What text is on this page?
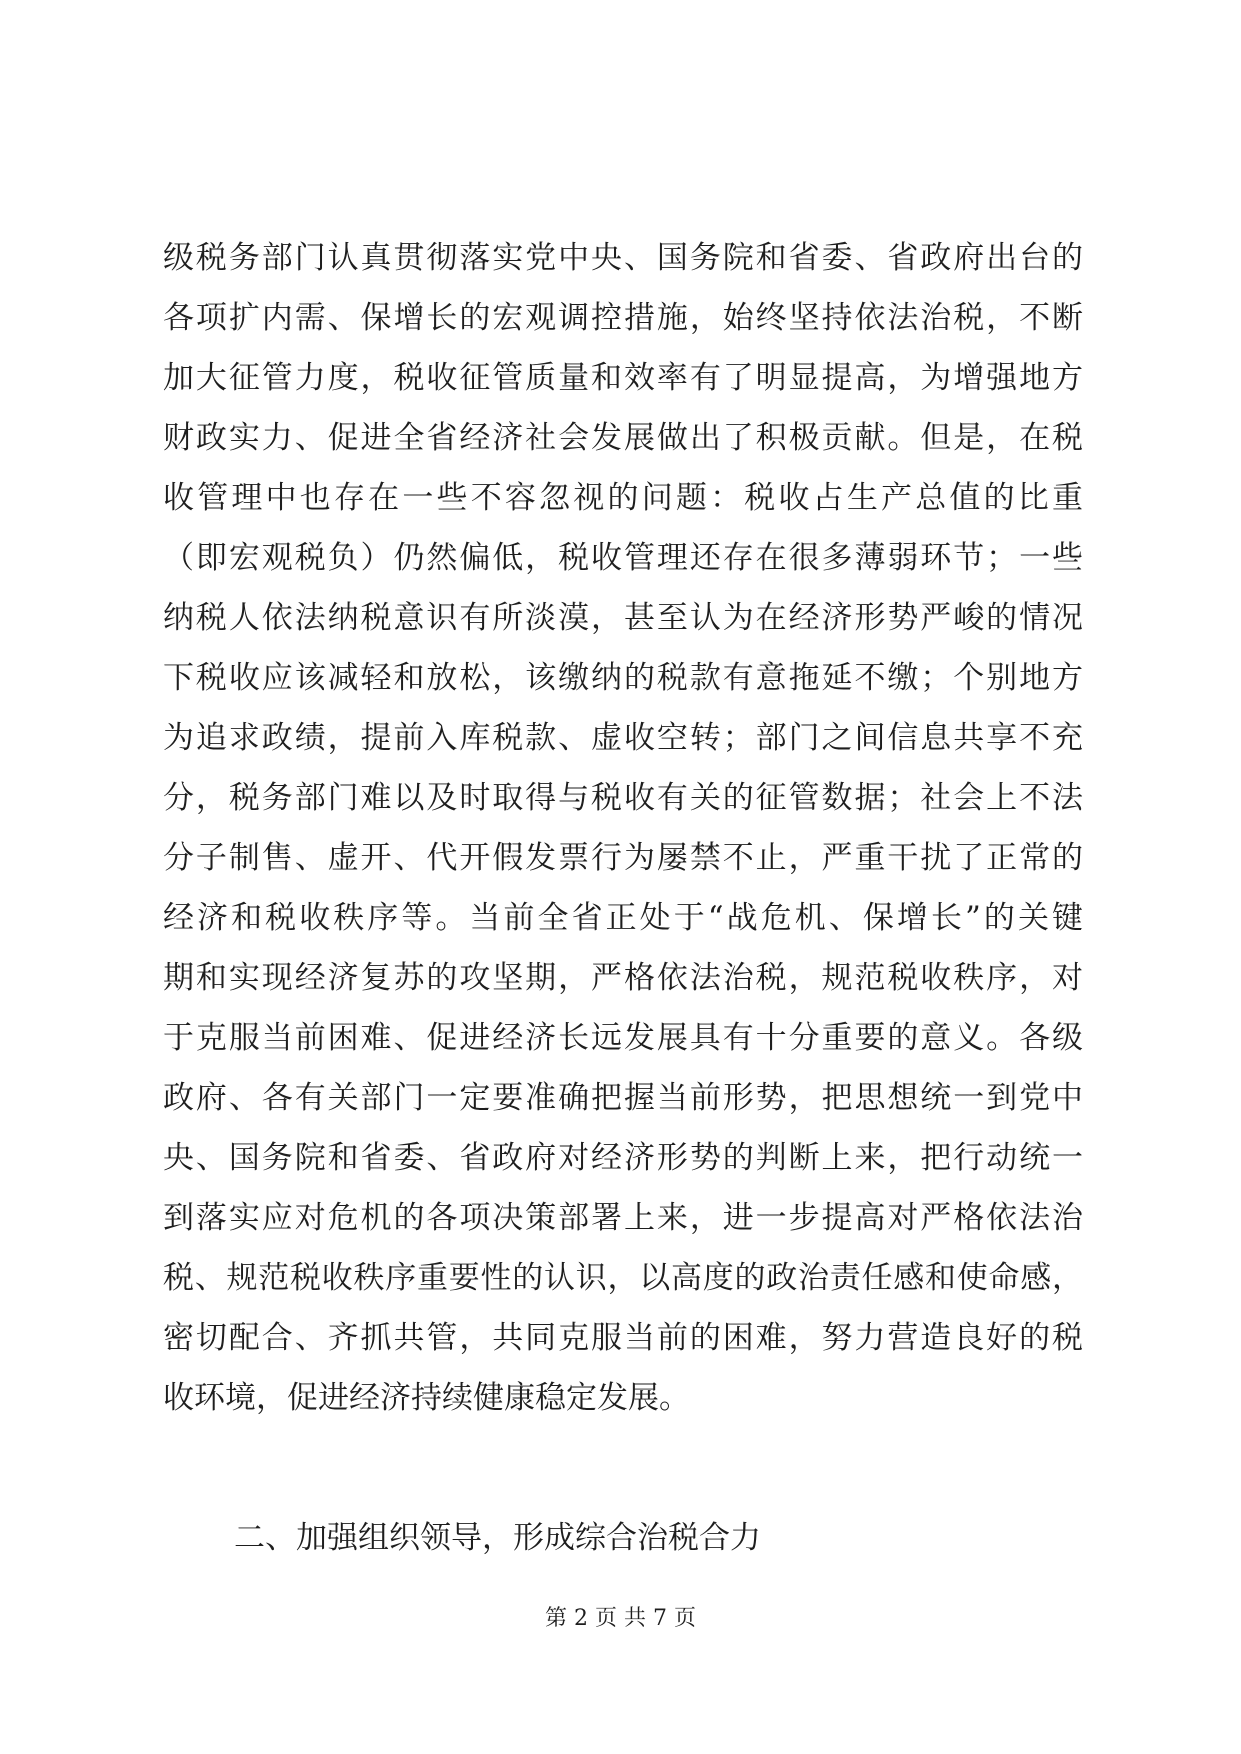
级税务部门认真贯彻落实党中央、国务院和省委、省政府出台的
各项扩内需、保增长的宏观调控措施，始终坚持依法治税，不断
加大征管力度，税收征管质量和效率有了明显提高，为增强地方
财政实力、促进全省经济社会发展做出了积极贡献。但是，在税
收管理中也存在一些不容忽视的问题：税收占生产总值的比重
（即宏观税负）仍然偏低，税收管理还存在很多薄弱环节；一些
纳税人依法纳税意识有所淡漠，甚至认为在经济形势严峻的情况
下税收应该减轻和放松，该缴纳的税款有意拖延不缴；个别地方
为追求政绩，提前入库税款、虚收空转；部门之间信息共享不充
分，税务部门难以及时取得与税收有关的征管数据；社会上不法
分子制售、虚开、代开假发票行为屡禁不止，严重干扰了正常的
经济和税收秩序等。当前全省正处于“战危机、保增长”的关键
期和实现经济复苏的攻坚期，严格依法治税，规范税收秩序，对
于克服当前困难、促进经济长远发展具有十分重要的意义。各级
政府、各有关部门一定要准确把握当前形势，把思想统一到党中
央、国务院和省委、省政府对经济形势的判断上来，把行动统一
到落实应对危机的各项决策部署上来，进一步提高对严格依法治
税、规范税收秩序重要性的认识，以高度的政治责任感和使命感，
密切配合、齐抓共管，共同克服当前的困难，努力营造良好的税
收环境，促进经济持续健康稳定发展。
二、加强组织领导，形成综合治税合力
第 2 页 共 7 页
